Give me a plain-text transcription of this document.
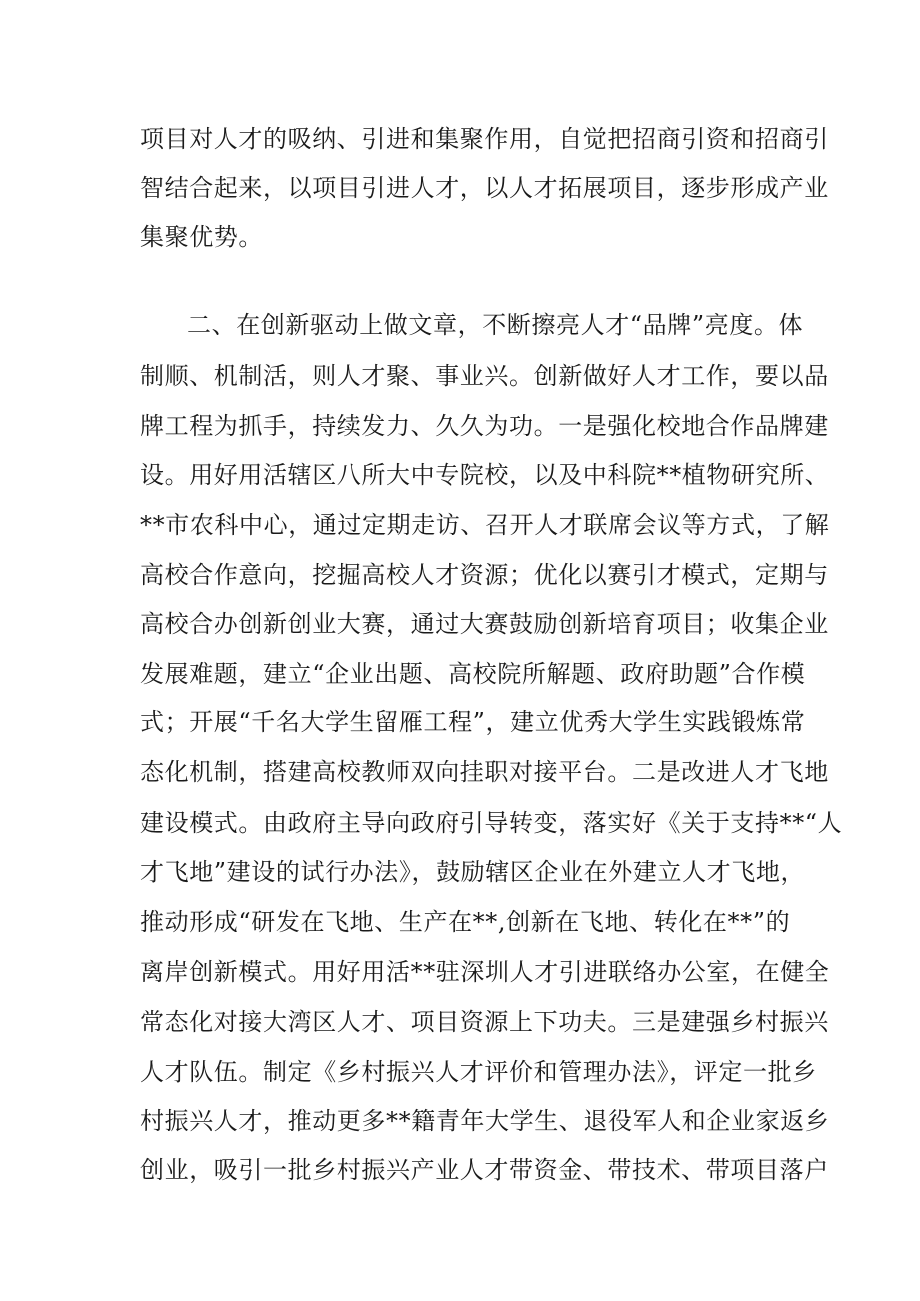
项目对人才的吸纳、引进和集聚作用，自觉把招商引资和招商引
智结合起来，以项目引进人才，以人才拓展项目，逐步形成产业
集聚优势。
二、在创新驱动上做文章，不断擦亮人才“品牌”亮度。体
制顺、机制活，则人才聚、事业兴。创新做好人才工作，要以品
牌工程为抓手，持续发力、久久为功。一是强化校地合作品牌建
设。用好用活辖区八所大中专院校，以及中科院**植物研究所、
**市农科中心，通过定期走访、召开人才联席会议等方式，了解
高校合作意向，挖掘高校人才资源；优化以赛引才模式，定期与
高校合办创新创业大赛，通过大赛鼓励创新培育项目；收集企业
发展难题，建立“企业出题、高校院所解题、政府助题”合作模
式；开展“千名大学生留雁工程”，建立优秀大学生实践锻炼常
态化机制，搭建高校教师双向挂职对接平台。二是改进人才飞地
建设模式。由政府主导向政府引导转变，落实好《关于支持**“人
才飞地”建设的试行办法》，鼓励辖区企业在外建立人才飞地，
推动形成“研发在飞地、生产在**,创新在飞地、转化在**”的
离岸创新模式。用好用活**驻深圳人才引进联络办公室，在健全
常态化对接大湾区人才、项目资源上下功夫。三是建强乡村振兴
人才队伍。制定《乡村振兴人才评价和管理办法》，评定一批乡
村振兴人才，推动更多**籍青年大学生、退役军人和企业家返乡
创业，吸引一批乡村振兴产业人才带资金、带技术、带项目落户
